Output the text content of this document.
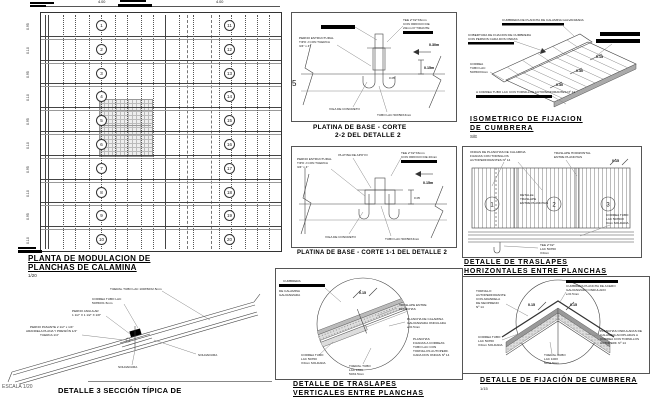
4.00	4.00
1
2
3
4
5
6
7
8
9
10
11
12
13
14
15
16
17
18
19
20
PLANTA DE MODULACION DE
PLANCHAS DE CALAMINA
1/20
0.95
0.10
0.95
0.10
0.95
0.10
0.95
0.10
0.95
0.10
PERNO ESTRUCTURAL
TIPO J CON TUERCA
3/4" x 4"
TEE 2"X2"X3mm
CON ORIFICIO DE
20mm P/ TIRANTE
0.30m
0.15m
0.05
VIGA DE CONCRETO
TUBO LAC 50X50X3mm
5
PLATINA DE BASE - CORTE
2-2 DEL DETALLE 2
CUMBRERA DE PLANCHA DE CALAMINA GALVANIZADA
COBERTURA DE FIJACION DE CUMBRERA
CON PERNOS CADA DOS ONDAS
CORREA
TUBO LAC
50X50X3mm
0.15
0.30
0.30
A CORREA TUBO LAC CON TORNILLOS AUTOPERFORANTES Nº 14
ISOMETRICO DE FIJACION
DE CUMBRERA
S/E
PLATINA DE APOYO
PERNO ESTRUCTURAL
TIPO J CON TUERCA
3/4" x 4"
TEE 2"X2"X3mm
CON ORIFICIO DE 20mm
0.15m
0.05
VIGA DE CONCRETO	TUBO LAC 50X50X3mm
PLATINA DE BASE - CORTE 1-1 DEL DETALLE 2
1	2	3
ONDAS DE PLANCHAS DE CALAMINA
FIJADAS CON TORNILLOS
AUTOPERFORANTES Nº 14
TRASLAPE HORIZONTAL
ENTRE PLANCHAS
0.15
DETALLE
TRASLAPE
ENTRE PLANCHAS
CORREA TUBO
LAC 50X50X
3mm SOLDADA
TEE 2"X2"
LAC 50X50
X3mm
DETALLE DE TRASLAPES
HORIZONTALES ENTRE PLANCHAS
TIJERAL TUBO LAC 100X50X2.5mm
CORREA TUBO LAC
50X50X1.5mm
PERNO ANGULAR
1 1/2" X 1 1/2" X 1/8"
PERNO PASANTE 2 1/2" x 1/4"
ARANDELA PLANA Y PRESIÓN 1/4"
TUERCA 1/4"
SOLDADURA
SOLDADURA
ESCALA 1/20	DETALLE 3 SECCIÓN TÍPICA DE
0.15
CUMBRERA
DE CALAMINA
GALVANIZADA
TRASLAPE ENTRE
PLANCHAS
PLANCHA DE CALAMINA
GALVANIZADA ONDULADA
e=0.5mm
PLANCHAS
FIJADAS A CORREAS
TUBO LAC CON
TORNILLOS AUTOPERF.
CADA DOS ONDAS Nº 14
CORREA TUBO
LAC 50X50
X3mm SOLDADA
TIJERAL TUBO
LAC 100X
50X2.5mm
DETALLE DE TRASLAPES
VERTICALES ENTRE PLANCHAS
0.15	0.15
TORNILLO
AUTOPERFORANTE
CON ARANDELA
DE NEOPRENO
Nº 14
CUMBRERA PLANCHA DE ACERO
GALVANIZADO ONDULADO
e=0.5mm
PLANCHAS ONDULADAS DE
CALAMINA ACOPLADAS A
CORREA CON TORNILLOS
AUTOPERF. Nº 14
CORREA TUBO
LAC 50X50
X3mm SOLDADA
TIJERAL TUBO
LAC 100X
50X2.5mm
DETALLE DE FIJACIÓN DE CUMBRERA
1/15
